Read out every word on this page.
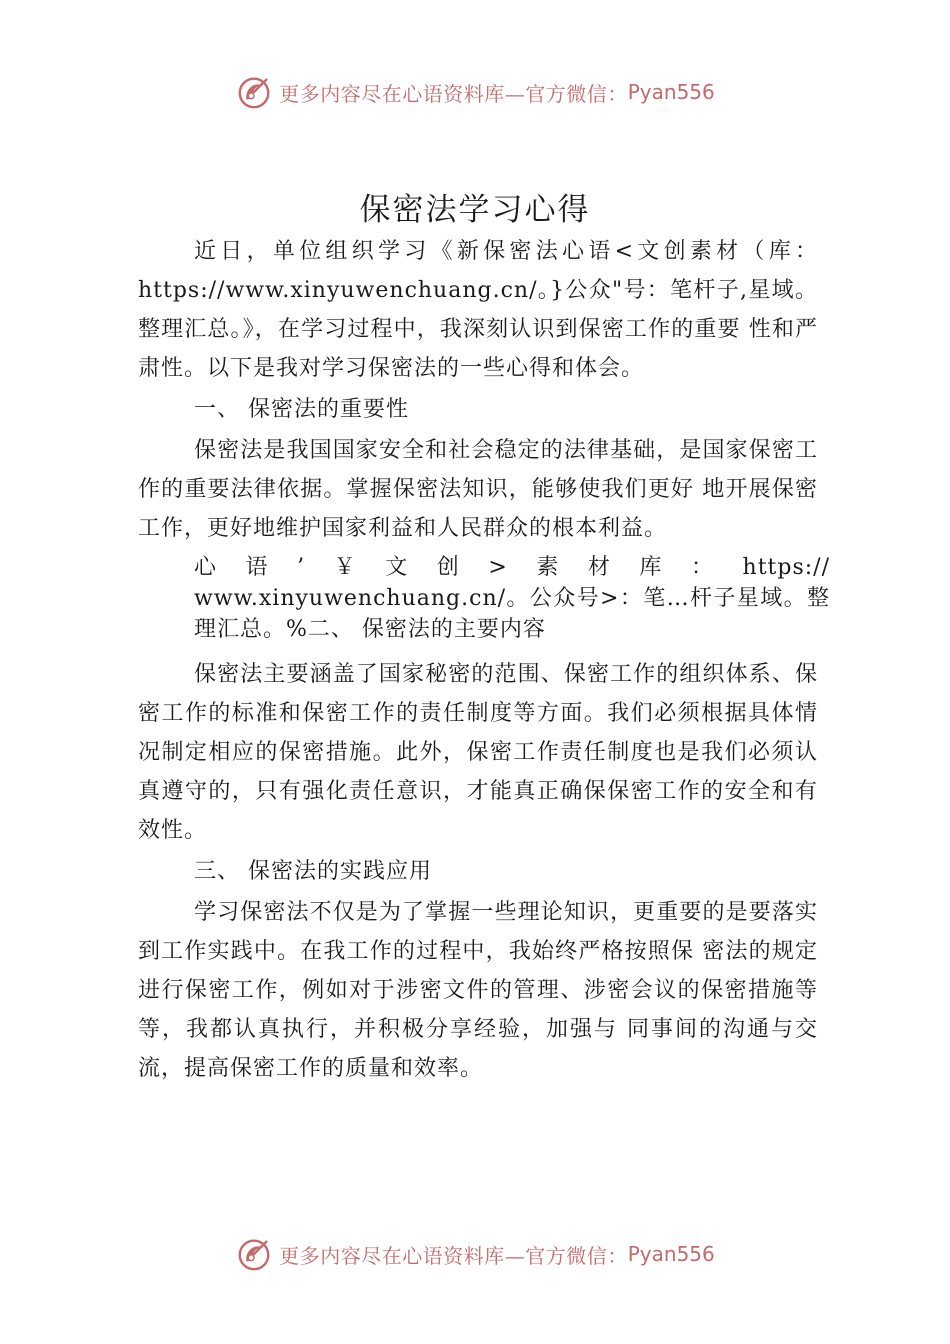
更多内容尽在心语资料库—官方微信： Pyan556
保密法学习心得

近日，单位组织学习《新保密法心语<文创素材（库：https://www.xinyuwenchuang.cn/。}公众"号：笔杆子,星域。整理汇总。》，在学习过程中，我深刻认识到保密工作的重要 性和严肃性。以下是我对学习保密法的一些心得和体会。

一、 保密法的重要性

保密法是我国国家安全和社会稳定的法律基础，是国家保密工作的重要法律依据。掌握保密法知识，能够使我们更好 地开展保密工作，更好地维护国家利益和人民群众的根本利益。

心语’￥文创>素材库：https://
www.xinyuwenchuang.cn/。公众号>：笔…杆子星域。整理汇总。%二、 保密法的主要内容

保密法主要涵盖了国家秘密的范围、保密工作的组织体系、保密工作的标准和保密工作的责任制度等方面。我们必须根据具体情况制定相应的保密措施。此外，保密工作责任制度也是我们必须认真遵守的，只有强化责任意识，才能真正确保保密工作的安全和有效性。

三、 保密法的实践应用

学习保密法不仅是为了掌握一些理论知识，更重要的是要落实到工作实践中。在我工作的过程中，我始终严格按照保 密法的规定进行保密工作，例如对于涉密文件的管理、涉密会议的保密措施等等，我都认真执行，并积极分享经验，加强与 同事间的沟通与交流，提高保密工作的质量和效率。

更多内容尽在心语资料库—官方微信： Pyan556
